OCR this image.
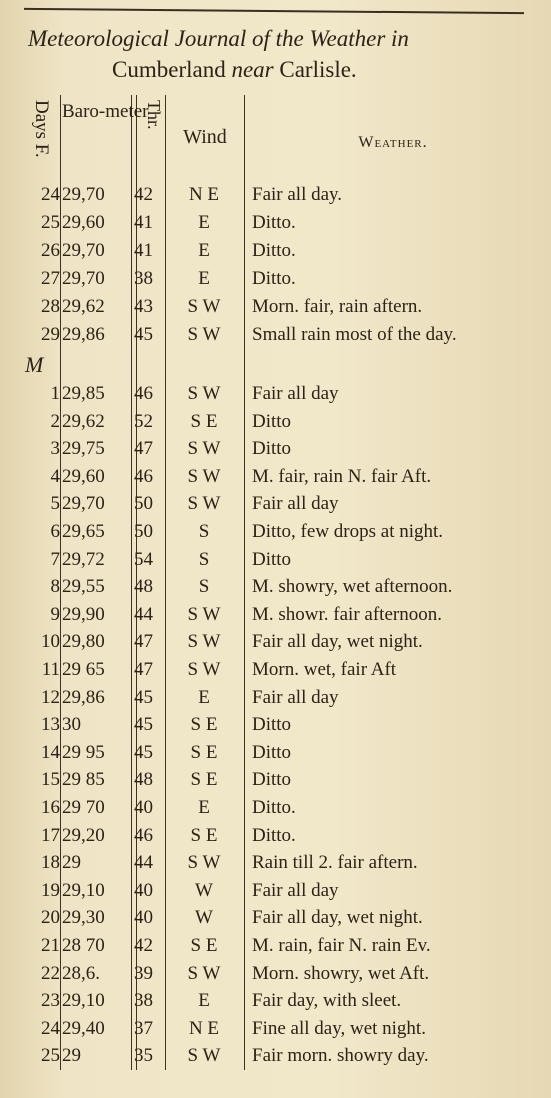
Meteorological Journal of the Weather in
Cumberland near Carlisle.
Days F. Baro-meter
Thr.
Wind	Weather.
M
24 29,70	42	N E	Fair all day.
25 29,60	41	E	Ditto.
26 29,70	41	E	Ditto.
27 29,70	38	E	Ditto.
28 29,62	43	S W	Morn. fair, rain aftern.
29 29,86	45	S W	Small rain most of the day.
1 29,85	46	S W	Fair all day
2 29,62	52	S E	Ditto
3 29,75	47	S W	Ditto
4 29,60	46	S W	M. fair, rain N. fair Aft.
5 29,70	50	S W	Fair all day
6 29,65	50	S	Ditto, few drops at night.
7 29,72	54	S	Ditto
8 29,55	48	S	M. showry, wet afternoon.
9 29,90	44	S W	M. showr. fair afternoon.
10 29,80	47	S W	Fair all day, wet night.
11 29 65	47	S W	Morn. wet, fair Aft
12 29,86	45	E	Fair all day
13 30	45	S E	Ditto
14 29 95	45	S E	Ditto
15 29 85	48	S E	Ditto
16 29 70	40	E	Ditto.
17 29,20	46	S E	Ditto.
18 29	44	S W	Rain till 2. fair aftern.
19 29,10	40	W	Fair all day
20 29,30	40	W	Fair all day, wet night.
21 28 70	42	S E	M. rain, fair N. rain Ev.
22 28,6.	39	S W	Morn. showry, wet Aft.
23 29,10	38	E	Fair day, with sleet.
24 29,40	37	N E	Fine all day, wet night.
25 29	35	S W	Fair morn. showry day.
